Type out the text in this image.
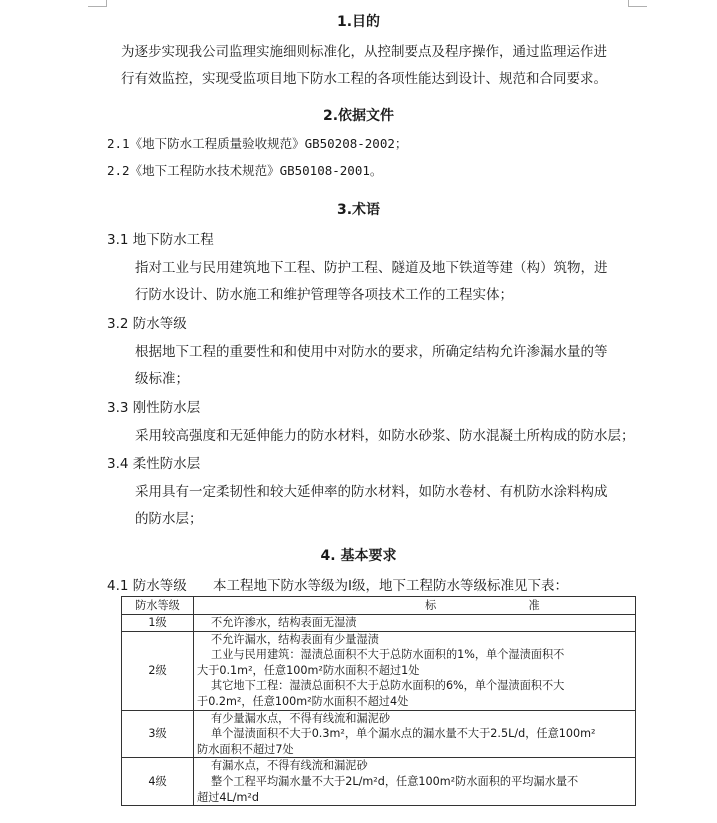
1.目的
为逐步实现我公司监理实施细则标准化，从控制要点及程序操作，通过监理运作进
行有效监控，实现受监项目地下防水工程的各项性能达到设计、规范和合同要求。
2.依据文件
2.1《地下防水工程质量验收规范》GB50208-2002；
2.2《地下工程防水技术规范》GB50108-2001。
3.术语
3.1 地下防水工程
指对工业与民用建筑地下工程、防护工程、隧道及地下铁道等建（构）筑物，进
行防水设计、防水施工和维护管理等各项技术工作的工程实体；
3.2 防水等级
根据地下工程的重要性和和使用中对防水的要求，所确定结构允许渗漏水量的等
级标准；
3.3 刚性防水层
采用较高强度和无延伸能力的防水材料，如防水砂浆、防水混凝土所构成的防水层；
3.4 柔性防水层
采用具有一定柔韧性和较大延伸率的防水材料，如防水卷材、有机防水涂料构成
的防水层；
4. 基本要求
4.1 防水等级 本工程地下防水等级为Ⅰ级，地下工程防水等级标准见下表：
防水等级	标 准
1级	不允许渗水，结构表面无湿渍

2级	不允许漏水，结构表面有少量湿渍
工业与民用建筑：湿渍总面积不大于总防水面积的1%，单个湿渍面积不
大于0.1m²，任意100m²防水面积不超过1处
其它地下工程：湿渍总面积不大于总防水面积的6%，单个湿渍面积不大
于0.2m²，任意100m²防水面积不超过4处

3级	有少量漏水点，不得有线流和漏泥砂
单个湿渍面积不大于0.3m²，单个漏水点的漏水量不大于2.5L/d，任意100m²
防水面积不超过7处

4级	有漏水点，不得有线流和漏泥砂
整个工程平均漏水量不大于2L/m²d，任意100m²防水面积的平均漏水量不
超过4L/m²d
